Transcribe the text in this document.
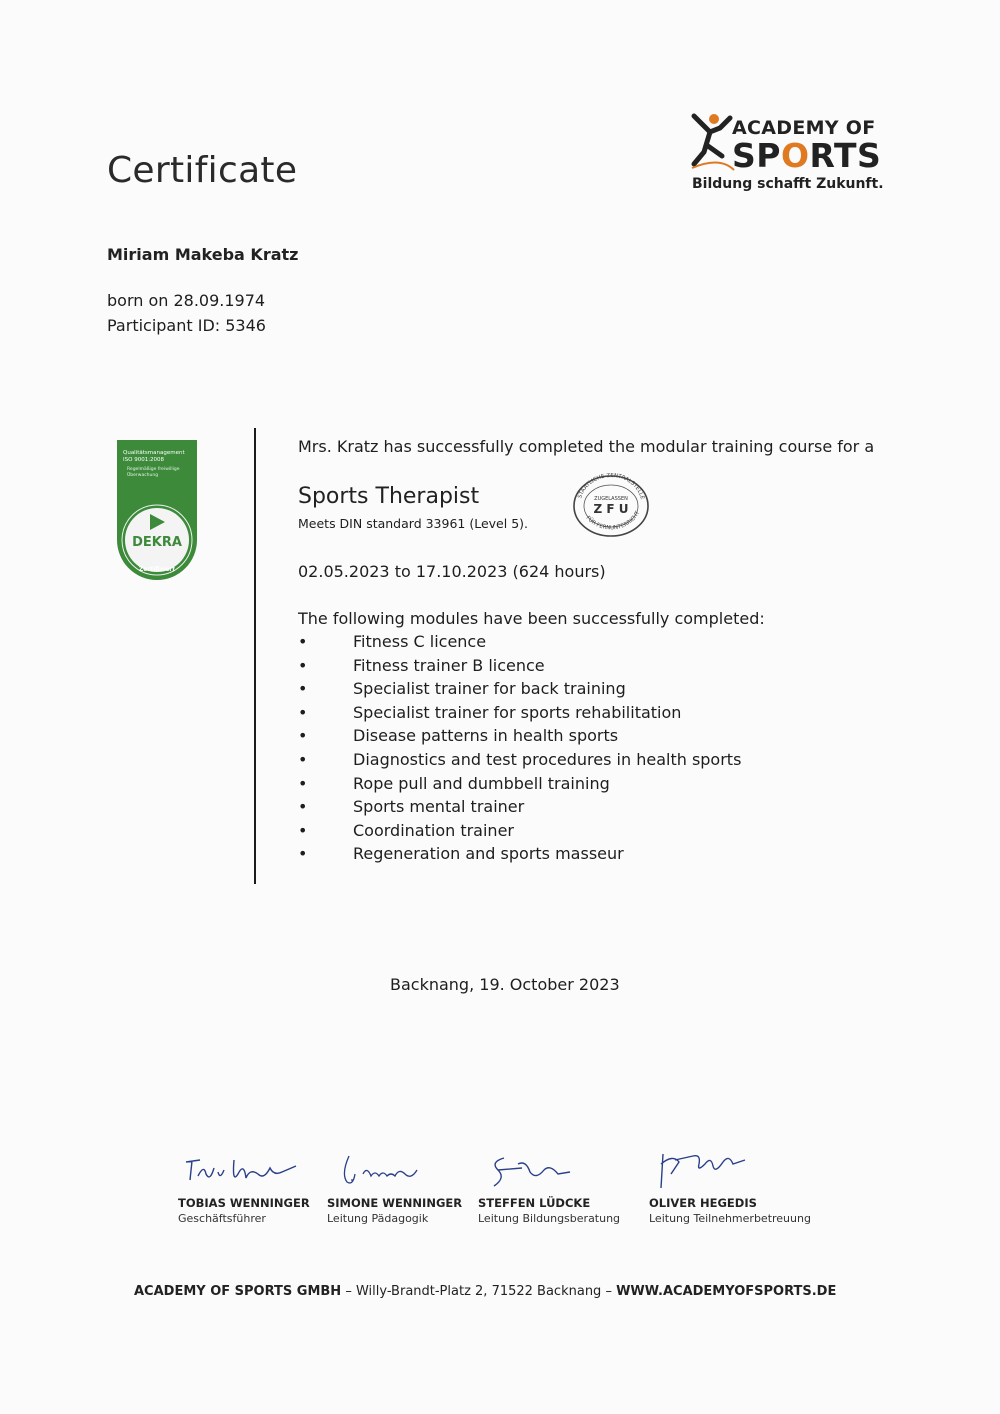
Certificate
ACADEMY OF
SPORTS
Bildung schafft Zukunft.
Miriam Makeba Kratz
born on 28.09.1974
Participant ID: 5346
Qualitätsmanagement
ISO 9001:2008
Regelmäßige freiwillige
Überwachung
DEKRA
Zertifiziert
Mrs. Kratz has successfully completed the modular training course for a
Sports Therapist
Meets DIN standard 33961 (Level 5).
STAATLICHE ZENTRALSTELLE
FÜR FERNUNTERRICHT
ZUGELASSEN
Z F U
02.05.2023 to 17.10.2023 (624 hours)
The following modules have been successfully completed:
•	Fitness C licence
•	Fitness trainer B licence
•	Specialist trainer for back training
•	Specialist trainer for sports rehabilitation
•	Disease patterns in health sports
•	Diagnostics and test procedures in health sports
•	Rope pull and dumbbell training
•	Sports mental trainer
•	Coordination trainer
•	Regeneration and sports masseur
Backnang, 19. October 2023
TOBIAS WENNINGER
Geschäftsführer
SIMONE WENNINGER
Leitung Pädagogik
STEFFEN LÜDCKE
Leitung Bildungsberatung
OLIVER HEGEDIS
Leitung Teilnehmerbetreuung
ACADEMY OF SPORTS GMBH – Willy-Brandt-Platz 2, 71522 Backnang – WWW.ACADEMYOFSPORTS.DE
